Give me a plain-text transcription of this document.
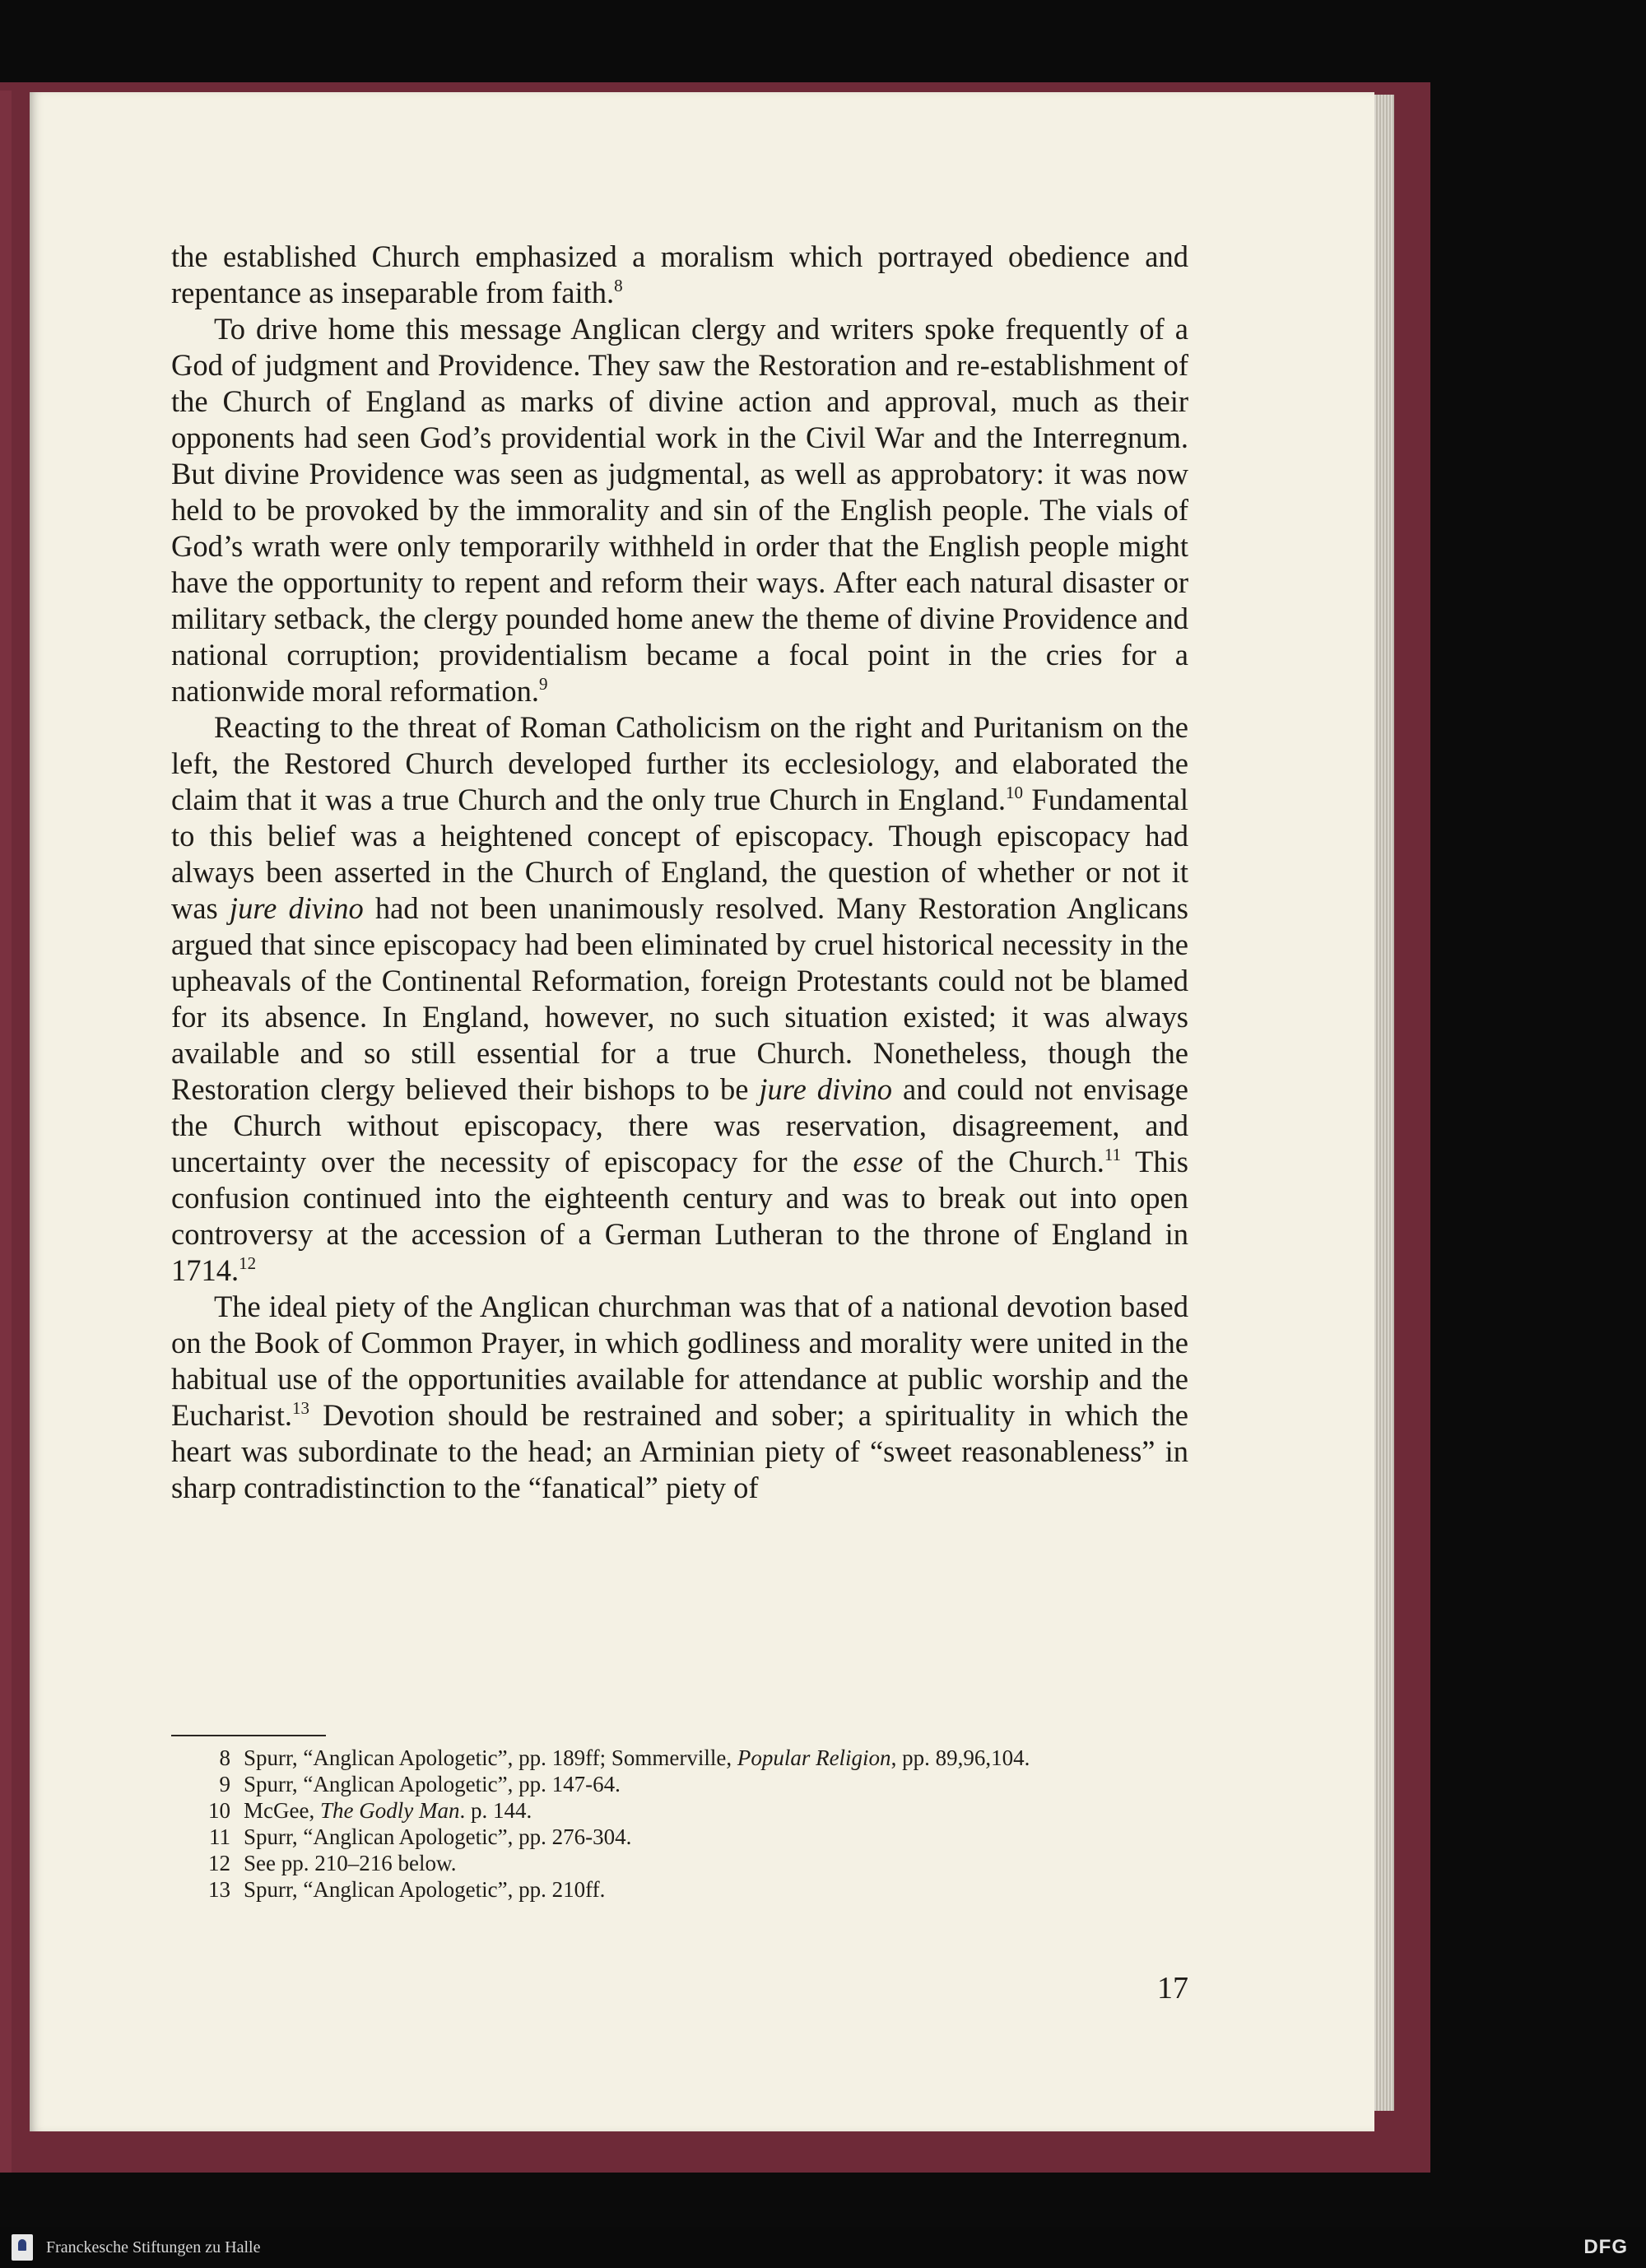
the established Church emphasized a moralism which portrayed obedience and repentance as inseparable from faith.$^8$

To drive home this message Anglican clergy and writers spoke frequently of a God of judgment and Providence. They saw the Restoration and re-establishment of the Church of England as marks of divine action and approval, much as their opponents had seen God’s providential work in the Civil War and the Interregnum. But divine Providence was seen as judgmental, as well as approbatory: it was now held to be provoked by the immorality and sin of the English people. The vials of God’s wrath were only temporarily withheld in order that the English people might have the opportunity to repent and reform their ways. After each natural disaster or military setback, the clergy pounded home anew the theme of divine Providence and national corruption; providentialism became a focal point in the cries for a nationwide moral reformation.$^9$

Reacting to the threat of Roman Catholicism on the right and Puritanism on the left, the Restored Church developed further its ecclesiology, and elaborated the claim that it was a true Church and the only true Church in England.$^{10}$ Fundamental to this belief was a heightened concept of episcopacy. Though episcopacy had always been asserted in the Church of England, the question of whether or not it was jure divino had not been unanimously resolved. Many Restoration Anglicans argued that since episcopacy had been eliminated by cruel historical necessity in the upheavals of the Continental Reformation, foreign Protestants could not be blamed for its absence. In England, however, no such situation existed; it was always available and so still essential for a true Church. Nonetheless, though the Restoration clergy believed their bishops to be jure divino and could not envisage the Church without episcopacy, there was reservation, disagreement, and uncertainty over the necessity of episcopacy for the esse of the Church.$^{11}$ This confusion continued into the eighteenth century and was to break out into open controversy at the accession of a German Lutheran to the throne of England in 1714.12

The ideal piety of the Anglican churchman was that of a national devotion based on the Book of Common Prayer, in which godliness and morality were united in the habitual use of the opportunities available for attendance at public worship and the Eucharist.$^{13}$ Devotion should be restrained and sober; a spirituality in which the heart was subordinate to the head; an Arminian piety of “sweet reasonableness” in sharp contradistinction to the “fanatical” piety of

8 Spurr, “Anglican Apologetic”, pp. 189ff; Sommerville, Popular Religion, pp. 89,96,104.
9 Spurr, “Anglican Apologetic”, pp. 147-64.
10 McGee, The Godly Man. p. 144.
11 Spurr, “Anglican Apologetic”, pp. 276-304.
12 See pp. 210–216 below.
13 Spurr, “Anglican Apologetic”, pp. 210ff.
17
Franckesche Stiftungen zu Halle	DFG
